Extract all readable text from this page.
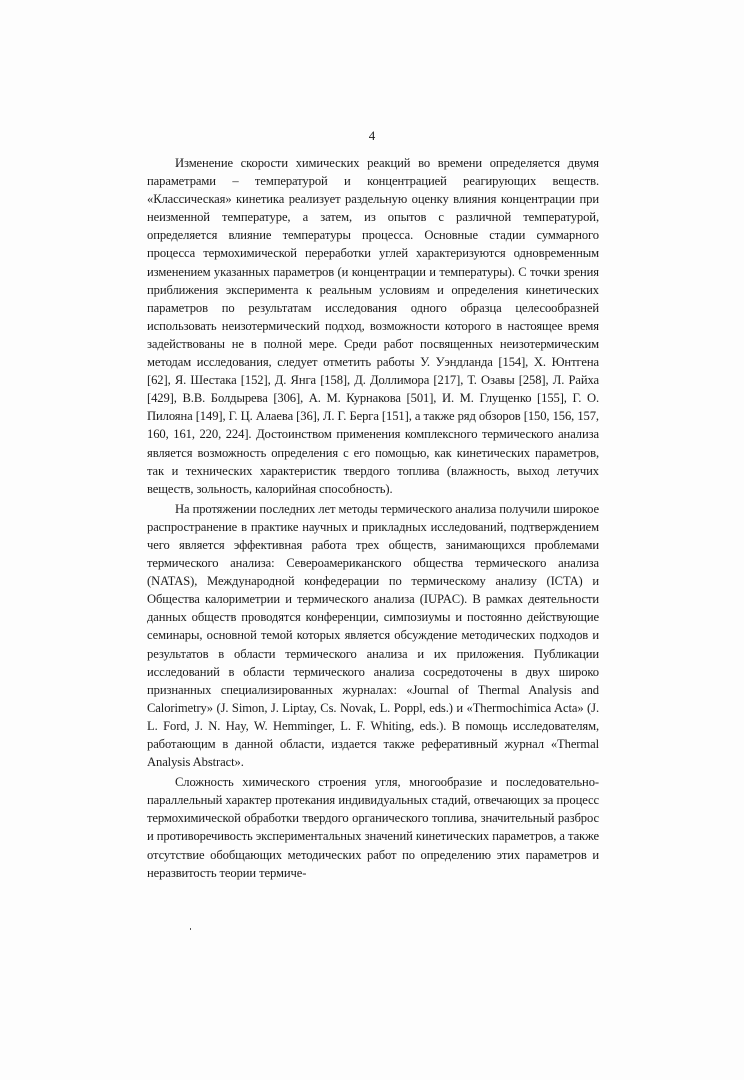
4

Изменение скорости химических реакций во времени определяется двумя параметрами – температурой и концентрацией реагирующих веществ. «Классическая» кинетика реализует раздельную оценку влияния концентрации при неизменной температуре, а затем, из опытов с различной температурой, определяется влияние температуры процесса. Основные стадии суммарного процесса термохимической переработки углей характеризуются одновременным изменением указанных параметров (и концентрации и температуры). С точки зрения приближения эксперимента к реальным условиям и определения кинетических параметров по результатам исследования одного образца целесообразней использовать неизотермический подход, возможности которого в настоящее время задействованы не в полной мере. Среди работ посвященных неизотермическим методам исследования, следует отметить работы У. Уэндланда [154], Х. Юнтгена [62], Я. Шестака [152], Д. Янга [158], Д. Доллимора [217], Т. Озавы [258], Л. Райха [429], В.В. Болдырева [306], А. М. Курнакова [501], И. М. Глущенко [155], Г. О. Пилояна [149], Г. Ц. Алаева [36], Л. Г. Берга [151], а также ряд обзоров [150, 156, 157, 160, 161, 220, 224]. Достоинством применения комплексного термического анализа является возможность определения с его помощью, как кинетических параметров, так и технических характеристик твердого топлива (влажность, выход летучих веществ, зольность, калорийная способность).

На протяжении последних лет методы термического анализа получили широкое распространение в практике научных и прикладных исследований, подтверждением чего является эффективная работа трех обществ, занимающихся проблемами термического анализа: Североамериканского общества термического анализа (NATAS), Международной конфедерации по термическому анализу (ICTA) и Общества калориметрии и термического анализа (IUPAC). В рамках деятельности данных обществ проводятся конференции, симпозиумы и постоянно действующие семинары, основной темой которых является обсуждение методических подходов и результатов в области термического анализа и их приложения. Публикации исследований в области термического анализа сосредоточены в двух широко признанных специализированных журналах: «Journal of Thermal Analysis and Calorimetry» (J. Simon, J. Liptay, Cs. Novak, L. Poppl, eds.) и «Thermochimica Acta» (J. L. Ford, J. N. Hay, W. Hemminger, L. F. Whiting, eds.). В помощь исследователям, работающим в данной области, издается также реферативный журнал «Thermal Analysis Abstract».

Сложность химического строения угля, многообразие и последовательно-параллельный характер протекания индивидуальных стадий, отвечающих за процесс термохимической обработки твердого органического топлива, значительный разброс и противоречивость экспериментальных значений кинетических параметров, а также отсутствие обобщающих методических работ по определению этих параметров и неразвитость теории термиче-
